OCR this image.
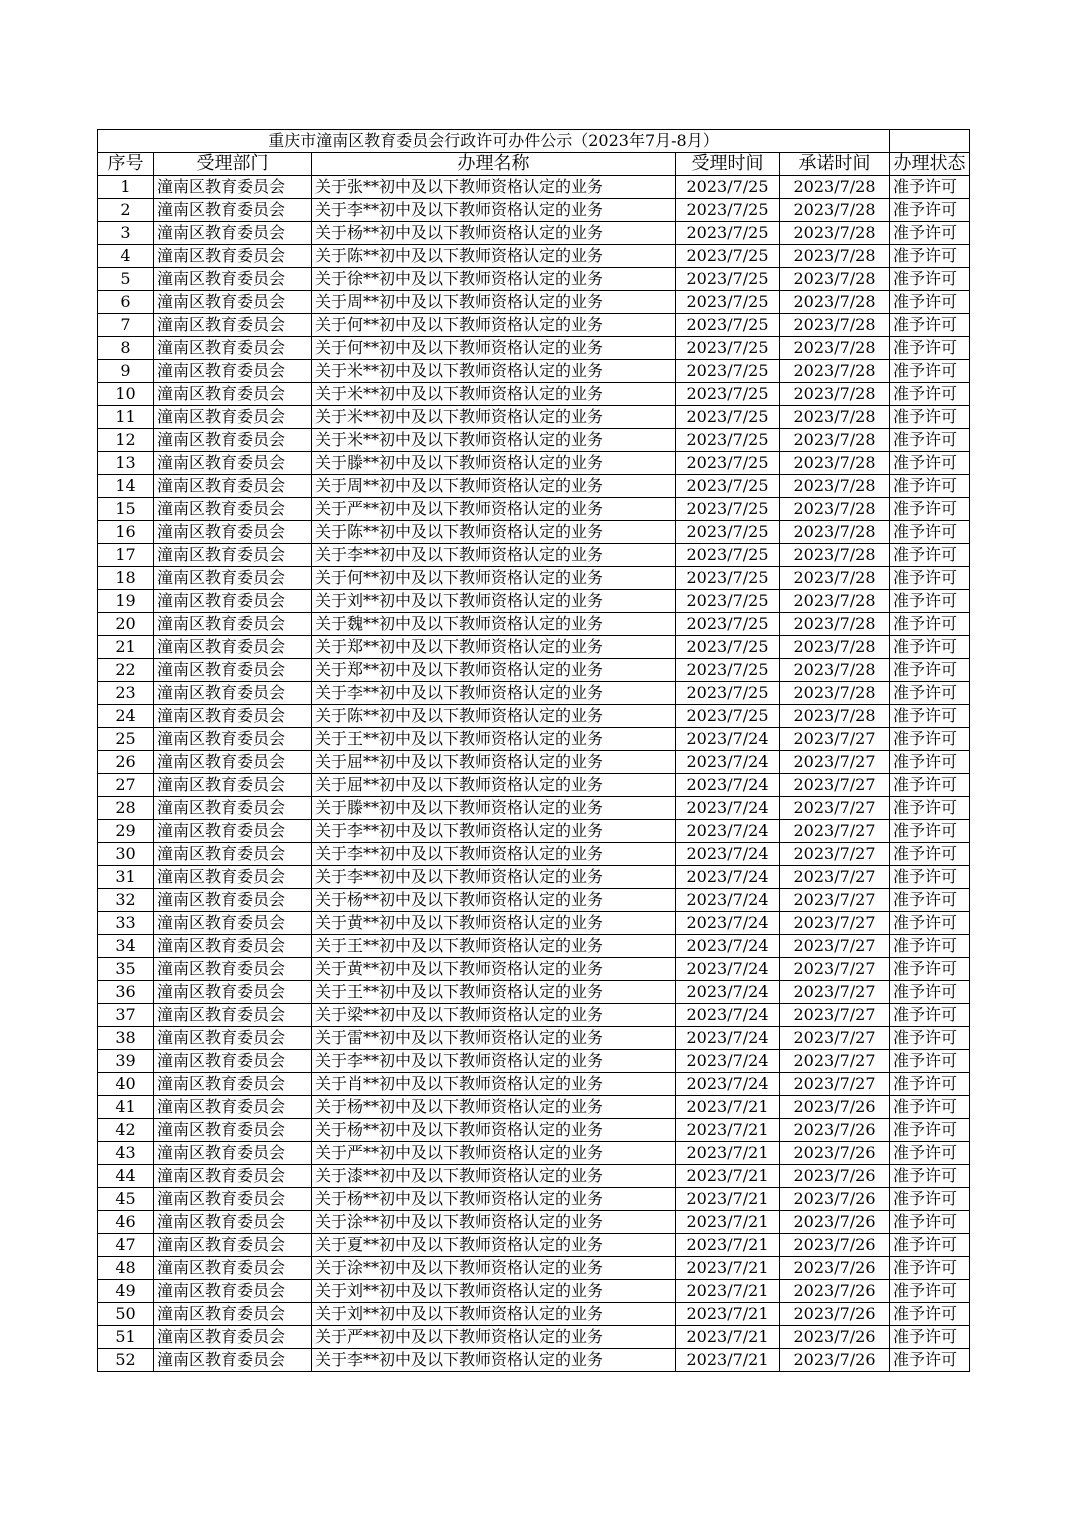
重庆市潼南区教育委员会行政许可办件公示（2023年7月-8月）					
序号	受理部门	办理名称	受理时间	承诺时间	办理状态
1	潼南区教育委员会	关于张**初中及以下教师资格认定的业务	2023/7/25	2023/7/28	准予许可
2	潼南区教育委员会	关于李**初中及以下教师资格认定的业务	2023/7/25	2023/7/28	准予许可
3	潼南区教育委员会	关于杨**初中及以下教师资格认定的业务	2023/7/25	2023/7/28	准予许可
4	潼南区教育委员会	关于陈**初中及以下教师资格认定的业务	2023/7/25	2023/7/28	准予许可
5	潼南区教育委员会	关于徐**初中及以下教师资格认定的业务	2023/7/25	2023/7/28	准予许可
6	潼南区教育委员会	关于周**初中及以下教师资格认定的业务	2023/7/25	2023/7/28	准予许可
7	潼南区教育委员会	关于何**初中及以下教师资格认定的业务	2023/7/25	2023/7/28	准予许可
8	潼南区教育委员会	关于何**初中及以下教师资格认定的业务	2023/7/25	2023/7/28	准予许可
9	潼南区教育委员会	关于米**初中及以下教师资格认定的业务	2023/7/25	2023/7/28	准予许可
10	潼南区教育委员会	关于米**初中及以下教师资格认定的业务	2023/7/25	2023/7/28	准予许可
11	潼南区教育委员会	关于米**初中及以下教师资格认定的业务	2023/7/25	2023/7/28	准予许可
12	潼南区教育委员会	关于米**初中及以下教师资格认定的业务	2023/7/25	2023/7/28	准予许可
13	潼南区教育委员会	关于滕**初中及以下教师资格认定的业务	2023/7/25	2023/7/28	准予许可
14	潼南区教育委员会	关于周**初中及以下教师资格认定的业务	2023/7/25	2023/7/28	准予许可
15	潼南区教育委员会	关于严**初中及以下教师资格认定的业务	2023/7/25	2023/7/28	准予许可
16	潼南区教育委员会	关于陈**初中及以下教师资格认定的业务	2023/7/25	2023/7/28	准予许可
17	潼南区教育委员会	关于李**初中及以下教师资格认定的业务	2023/7/25	2023/7/28	准予许可
18	潼南区教育委员会	关于何**初中及以下教师资格认定的业务	2023/7/25	2023/7/28	准予许可
19	潼南区教育委员会	关于刘**初中及以下教师资格认定的业务	2023/7/25	2023/7/28	准予许可
20	潼南区教育委员会	关于魏**初中及以下教师资格认定的业务	2023/7/25	2023/7/28	准予许可
21	潼南区教育委员会	关于郑**初中及以下教师资格认定的业务	2023/7/25	2023/7/28	准予许可
22	潼南区教育委员会	关于郑**初中及以下教师资格认定的业务	2023/7/25	2023/7/28	准予许可
23	潼南区教育委员会	关于李**初中及以下教师资格认定的业务	2023/7/25	2023/7/28	准予许可
24	潼南区教育委员会	关于陈**初中及以下教师资格认定的业务	2023/7/25	2023/7/28	准予许可
25	潼南区教育委员会	关于王**初中及以下教师资格认定的业务	2023/7/24	2023/7/27	准予许可
26	潼南区教育委员会	关于屈**初中及以下教师资格认定的业务	2023/7/24	2023/7/27	准予许可
27	潼南区教育委员会	关于屈**初中及以下教师资格认定的业务	2023/7/24	2023/7/27	准予许可
28	潼南区教育委员会	关于滕**初中及以下教师资格认定的业务	2023/7/24	2023/7/27	准予许可
29	潼南区教育委员会	关于李**初中及以下教师资格认定的业务	2023/7/24	2023/7/27	准予许可
30	潼南区教育委员会	关于李**初中及以下教师资格认定的业务	2023/7/24	2023/7/27	准予许可
31	潼南区教育委员会	关于李**初中及以下教师资格认定的业务	2023/7/24	2023/7/27	准予许可
32	潼南区教育委员会	关于杨**初中及以下教师资格认定的业务	2023/7/24	2023/7/27	准予许可
33	潼南区教育委员会	关于黄**初中及以下教师资格认定的业务	2023/7/24	2023/7/27	准予许可
34	潼南区教育委员会	关于王**初中及以下教师资格认定的业务	2023/7/24	2023/7/27	准予许可
35	潼南区教育委员会	关于黄**初中及以下教师资格认定的业务	2023/7/24	2023/7/27	准予许可
36	潼南区教育委员会	关于王**初中及以下教师资格认定的业务	2023/7/24	2023/7/27	准予许可
37	潼南区教育委员会	关于梁**初中及以下教师资格认定的业务	2023/7/24	2023/7/27	准予许可
38	潼南区教育委员会	关于雷**初中及以下教师资格认定的业务	2023/7/24	2023/7/27	准予许可
39	潼南区教育委员会	关于李**初中及以下教师资格认定的业务	2023/7/24	2023/7/27	准予许可
40	潼南区教育委员会	关于肖**初中及以下教师资格认定的业务	2023/7/24	2023/7/27	准予许可
41	潼南区教育委员会	关于杨**初中及以下教师资格认定的业务	2023/7/21	2023/7/26	准予许可
42	潼南区教育委员会	关于杨**初中及以下教师资格认定的业务	2023/7/21	2023/7/26	准予许可
43	潼南区教育委员会	关于严**初中及以下教师资格认定的业务	2023/7/21	2023/7/26	准予许可
44	潼南区教育委员会	关于漆**初中及以下教师资格认定的业务	2023/7/21	2023/7/26	准予许可
45	潼南区教育委员会	关于杨**初中及以下教师资格认定的业务	2023/7/21	2023/7/26	准予许可
46	潼南区教育委员会	关于涂**初中及以下教师资格认定的业务	2023/7/21	2023/7/26	准予许可
47	潼南区教育委员会	关于夏**初中及以下教师资格认定的业务	2023/7/21	2023/7/26	准予许可
48	潼南区教育委员会	关于涂**初中及以下教师资格认定的业务	2023/7/21	2023/7/26	准予许可
49	潼南区教育委员会	关于刘**初中及以下教师资格认定的业务	2023/7/21	2023/7/26	准予许可
50	潼南区教育委员会	关于刘**初中及以下教师资格认定的业务	2023/7/21	2023/7/26	准予许可
51	潼南区教育委员会	关于严**初中及以下教师资格认定的业务	2023/7/21	2023/7/26	准予许可
52	潼南区教育委员会	关于李**初中及以下教师资格认定的业务	2023/7/21	2023/7/26	准予许可
